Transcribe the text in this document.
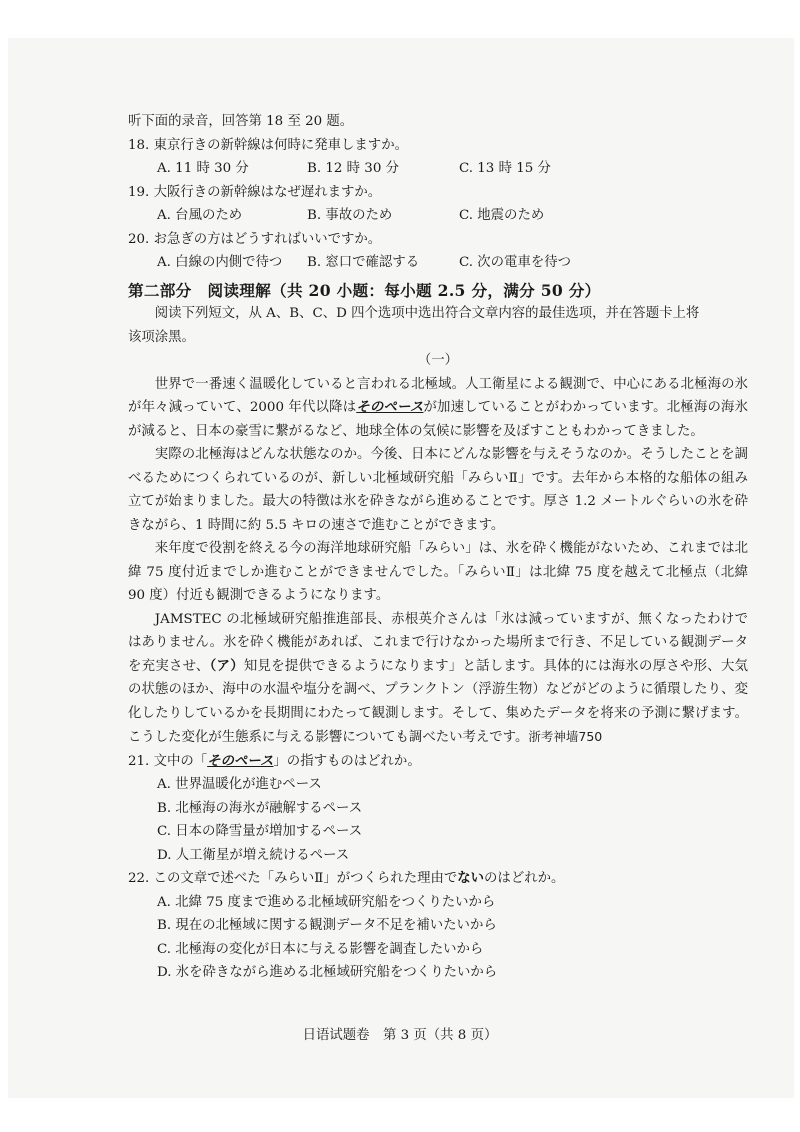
听下面的录音，回答第 18 至 20 题。
18. 東京行きの新幹線は何時に発車しますか。
A. 11 時 30 分	B. 12 時 30 分	C. 13 時 15 分
19. 大阪行きの新幹線はなぜ遅れますか。
A. 台風のため	B. 事故のため	C. 地震のため
20. お急ぎの方はどうすればいいですか。
A. 白線の内側で待つ	B. 窓口で確認する	C. 次の電車を待つ
第二部分　阅读理解（共 20 小题：每小题 2.5 分，满分 50 分）
阅读下列短文，从 A、B、C、D 四个选项中选出符合文章内容的最佳选项，并在答题卡上将
该项涂黑。
（一）
世界で一番速く温暖化していると言われる北極域。人工衛星による観測で、中心にある北極海の氷が年々減っていて、2000 年代以降はそのペースが加速していることがわかっています。北極海の海氷が減ると、日本の豪雪に繋がるなど、地球全体の気候に影響を及ぼすこともわかってきました。
実際の北極海はどんな状態なのか。今後、日本にどんな影響を与えそうなのか。そうしたことを調べるためにつくられているのが、新しい北極域研究船「みらいⅡ」です。去年から本格的な船体の組み立てが始まりました。最大の特徴は氷を砕きながら進めることです。厚さ 1.2 メートルぐらいの氷を砕きながら、1 時間に約 5.5 キロの速さで進むことができます。
来年度で役割を終える今の海洋地球研究船「みらい」は、氷を砕く機能がないため、これまでは北緯 75 度付近までしか進むことができませんでした。「みらいⅡ」は北緯 75 度を越えて北極点（北緯 90 度）付近も観測できるようになります。
JAMSTEC の北極域研究船推進部長、赤根英介さんは「氷は減っていますが、無くなったわけではありません。氷を砕く機能があれば、これまで行けなかった場所まで行き、不足している観測データを充実させ、（ア）知見を提供できるようになります」と話します。具体的には海氷の厚さや形、大気の状態のほか、海中の水温や塩分を調べ、プランクトン（浮游生物）などがどのように循環したり、変化したりしているかを長期間にわたって観測します。そして、集めたデータを将来の予測に繋げます。こうした変化が生態系に与える影響についても調べたい考えです。浙考神墙750
21. 文中の「そのペース」の指すものはどれか。
A. 世界温暖化が進むペース
B. 北極海の海氷が融解するペース
C. 日本の降雪量が増加するペース
D. 人工衛星が増え続けるペース
22. この文章で述べた「みらいⅡ」がつくられた理由でないのはどれか。
A. 北緯 75 度まで進める北極域研究船をつくりたいから
B. 現在の北極域に関する観測データ不足を補いたいから
C. 北極海の変化が日本に与える影響を調査したいから
D. 氷を砕きながら進める北極域研究船をつくりたいから
日语试题卷　第 3 页（共 8 页）
